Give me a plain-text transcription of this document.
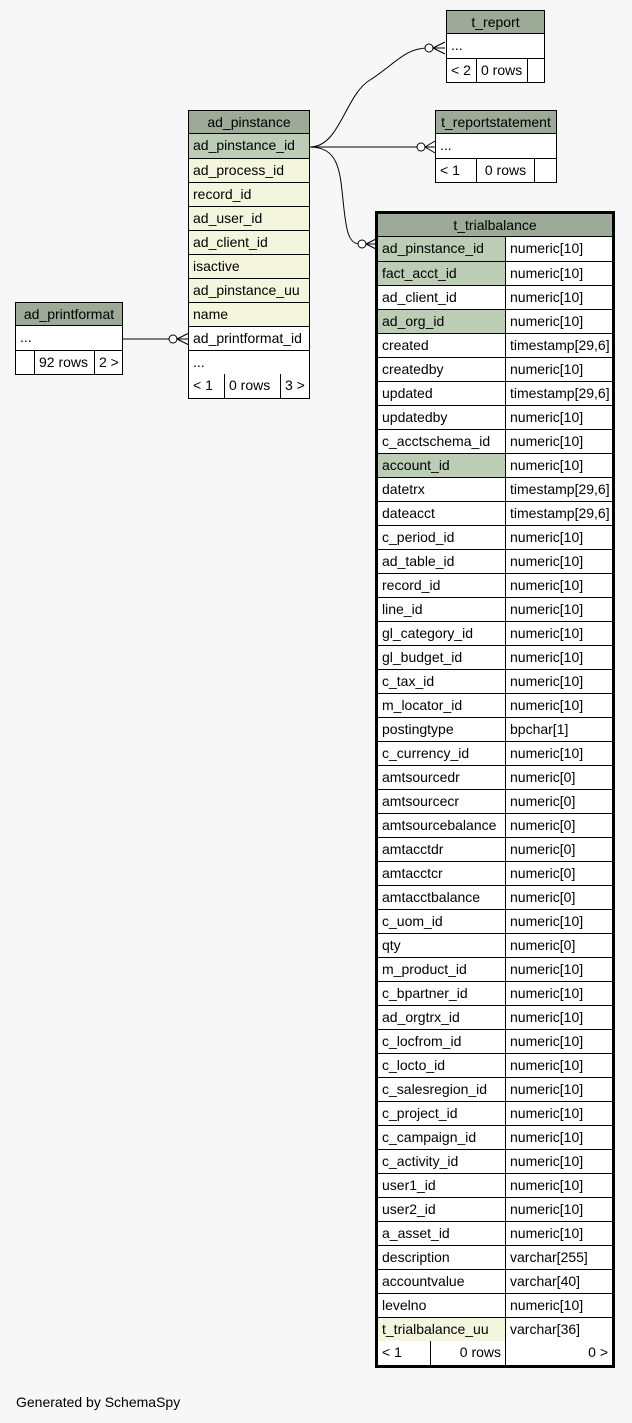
t_report
...
< 2 0 rows
t_reportstatement
...
< 1	0 rows
ad_pinstance
ad_pinstance_id
ad_process_id
record_id
ad_user_id
ad_client_id
isactive
ad_pinstance_uu
name
ad_printformat_id
...
< 1	0 rows	3 >
ad_printformat
...
92 rows 2 >
t_trialbalance
ad_pinstance_id	numeric[10]
fact_acct_id	numeric[10]
ad_client_id	numeric[10]
ad_org_id	numeric[10]
created	timestamp[29,6]
createdby	numeric[10]
updated	timestamp[29,6]
updatedby	numeric[10]
c_acctschema_id	numeric[10]
account_id	numeric[10]
datetrx	timestamp[29,6]
dateacct	timestamp[29,6]
c_period_id	numeric[10]
ad_table_id	numeric[10]
record_id	numeric[10]
line_id	numeric[10]
gl_category_id	numeric[10]
gl_budget_id	numeric[10]
c_tax_id	numeric[10]
m_locator_id	numeric[10]
postingtype	bpchar[1]
c_currency_id	numeric[10]
amtsourcedr	numeric[0]
amtsourcecr	numeric[0]
amtsourcebalance numeric[0]
amtacctdr	numeric[0]
amtacctcr	numeric[0]
amtacctbalance	numeric[0]
c_uom_id	numeric[10]
qty	numeric[0]
m_product_id	numeric[10]
c_bpartner_id	numeric[10]
ad_orgtrx_id	numeric[10]
c_locfrom_id	numeric[10]
c_locto_id	numeric[10]
c_salesregion_id	numeric[10]
c_project_id	numeric[10]
c_campaign_id	numeric[10]
c_activity_id	numeric[10]
user1_id	numeric[10]
user2_id	numeric[10]
a_asset_id	numeric[10]
description	varchar[255]
accountvalue	varchar[40]
levelno	numeric[10]
t_trialbalance_uu	varchar[36]
< 1	0 rows	0 >
Generated by SchemaSpy
